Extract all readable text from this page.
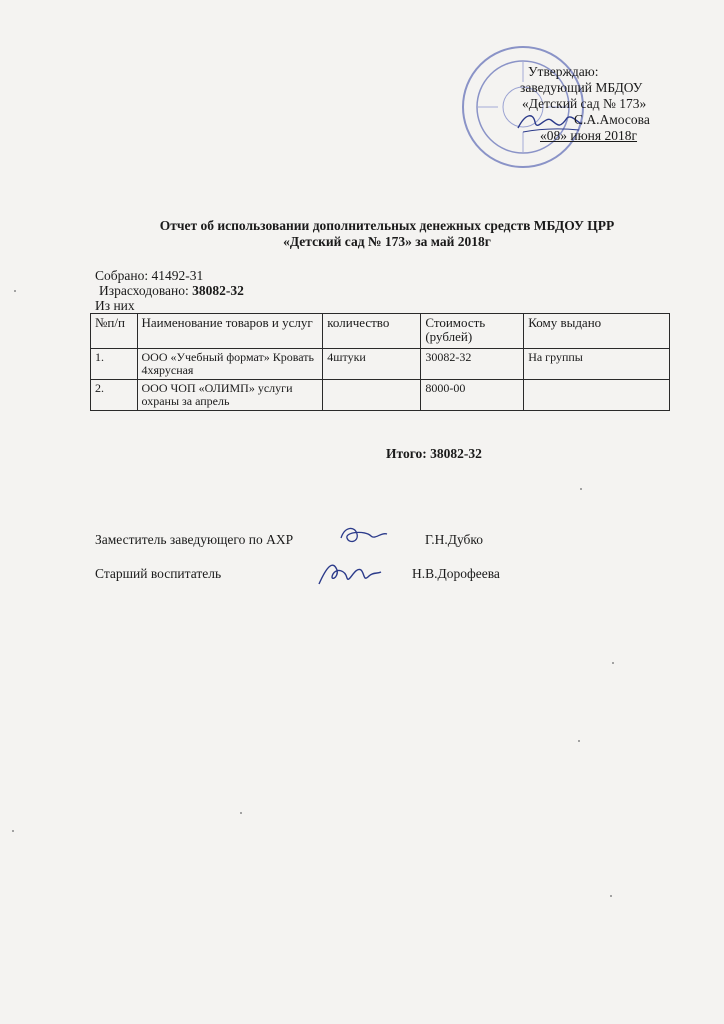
Утверждаю:
заведующий МБДОУ
«Детский сад № 173»
С.А.Амосова
«08» июня 2018г
Отчет об использовании дополнительных денежных средств МБДОУ ЦРР
«Детский сад № 173» за май 2018г
Собрано: 41492-31
Израсходовано: 38082-32
Из них
№п/п	Наименование товаров и услуг	количество	Стоимость (рублей)	Кому выдано
1.	ООО «Учебный формат» Кровать 4хярусная	4штуки	30082-32	На группы
2.	ООО ЧОП «ОЛИМП» услуги охраны за апрель		8000-00	
Итого: 38082-32
Заместитель заведующего по АХР	Г.Н.Дубко
Старший воспитатель	Н.В.Дорофеева
